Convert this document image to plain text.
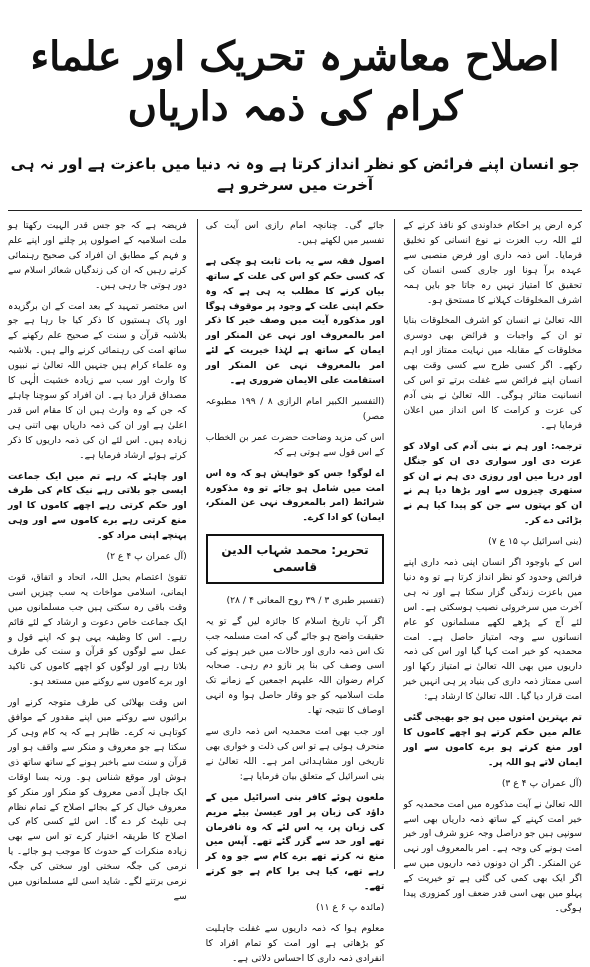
اصلاح معاشرہ تحریک اور علماء کرام کی ذمہ داریاں
جو انسان اپنے فرائض کو نظر انداز کرتا ہے وہ نہ دنیا میں باعزت ہے اور نہ ہی آخرت میں سرخرو ہے

کرہ ارض پر احکام خداوندی کو نافذ کرنے کے لئے اللہ رب العزت نے نوع انسانی کو تخلیق فرمایا۔ اس ذمہ داری اور فرض منصبی سے عہدہ برآ ہونا اور جاری کسی انسان کی تحقیق کا امتیاز نہیں رہ جاتا جو بایں ہمہ اشرف المخلوقات کہلانے کا مستحق ہو۔

اللہ تعالیٰ نے انسان کو اشرف المخلوقات بنایا تو ان کے واجبات و فرائض بھی دوسری مخلوقات کے مقابلہ میں نہایت ممتاز اور اہم رکھے۔ اگر کسی طرح سے کسی وقت بھی انسان اپنے فرائض سے غفلت برتے تو اس کی انسانیت متاثر ہوگی۔ اللہ تعالیٰ نے بنی آدم کی عزت و کرامت کا اس انداز میں اعلان فرمایا ہے۔

ترجمہ: اور ہم نے بنی آدم کی اولاد کو عزت دی اور سواری دی ان کو جنگل اور دریا میں اور روزی دی ہم نے ان کو ستھری چیزوں سے اور بڑھا دیا ہم نے ان کو بہتوں سے جن کو پیدا کیا ہم نے بڑائی دے کر۔

(بنی اسرائیل پ ۱۵ ع ۷)

اس کے باوجود اگر انسان اپنی ذمہ داری اپنے فرائض وحدود کو نظر انداز کرتا ہے تو وہ دنیا میں باعزت زندگی گزار سکتا ہے اور نہ ہی آخرت میں سرخروئی نصیب ہوسکتی ہے۔ اس لئے آج کے پڑھے لکھے مسلمانوں کو عام انسانوں سے وجہ امتیاز حاصل ہے۔ امت محمدیہ کو خیر امت کہا گیا اور اس کی ذمہ داریوں میں بھی اللہ تعالیٰ نے امتیاز رکھا اور اسی ممتاز ذمہ داری کی بنیاد پر ہی انہیں خیر امت قرار دیا گیا۔ اللہ تعالیٰ کا ارشاد ہے:

تم بہترین امتوں میں ہو جو بھیجی گئی عالم میں حکم کرتے ہو اچھے کاموں کا اور منع کرتے ہو برے کاموں سے اور ایمان لاتے ہو اللہ پر۔

(آل عمران پ ۴ ع ۳)

اللہ تعالیٰ نے آیت مذکورہ میں امت محمدیہ کو خیر امت کہنے کے ساتھ ذمہ داریاں بھی اسے سونپی ہیں جو دراصل وجہ عزو شرف اور خیر امت ہونے کی وجہ ہے۔ امر بالمعروف اور نہی عن المنکر۔ اگر ان دونوں ذمہ داریوں میں سے اگر ایک بھی کمی کی گئی ہے تو خیریت کے پہلو میں بھی اسی قدر ضعف اور کمزوری پیدا ہوگی۔

جائے گی۔ چنانچہ امام رازی اس آیت کی تفسیر میں لکھتے ہیں۔

اصول فقہ سے یہ بات ثابت ہو چکی ہے کہ کسی حکم کو اس کی علت کے ساتھ بیان کرنے کا مطلب یہ ہی ہے کہ وہ حکم اپنی علت کے وجود پر موقوف ہوگا اور مذکورہ آیت میں وصف خیر کا ذکر امر بالمعروف اور نہی عن المنکر اور ایمان کے ساتھ ہے لہٰذا خیریت کے لئے امر بالمعروف نہی عن المنکر اور استقامت علی الایمان ضروری ہے۔

(التفسیر الکبیر امام الرازی ۸ / ۱۹۹ مطبوعہ مصر)

اس کی مزید وضاحت حضرت عمر بن الخطاب کے اس قول سے ہوتی ہے کہ

اے لوگو! جس کو خواہش ہو کہ وہ اس امت میں شامل ہو جائے تو وہ مذکورہ شرائط (امر بالمعروف نہی عن المنکر، ایمان) کو ادا کرے۔

تحریر: محمد شہاب الدین قاسمی

(تفسیر طبری ۳ / ۳۹ روح المعانی ۴ / ۲۸)

اگر آپ تاریخ اسلام کا جائزہ لیں گے تو یہ حقیقت واضح ہو جائے گی کہ امت مسلمہ جب تک اس ذمہ داری اور حالات میں خیر ہونے کی اسی وصف کی بنا پر نازو دم رہی۔ صحابہ کرام رضوان اللہ علیہم اجمعین کے زمانے تک ملت اسلامیہ کو جو وقار حاصل ہوا وہ انہی اوصاف کا نتیجہ تھا۔

اور جب بھی امت محمدیہ اس ذمہ داری سے منحرف ہوئی ہے تو اس کی ذلت و خواری بھی تاریخی اور مشاہداتی امر ہے۔ اللہ تعالیٰ نے بنی اسرائیل کے متعلق بیان فرمایا ہے:

ملعون ہوئے کافر بنی اسرائیل میں کے داؤد کی زبان پر اور عیسیٰ بیٹے مریم کی زبان پر، یہ اس لئے کہ وہ نافرمان تھے اور حد سے گزر گئے تھے۔ آپس میں منع نہ کرتے تھے برے کام سے جو وہ کر رہے تھے، کیا ہی برا کام ہے جو کرتے تھے۔

(مائدہ پ ۶ ع ۱۱)

معلوم ہوا کہ ذمہ داریوں سے غفلت جاہلیت کو بڑھاتی ہے اور امت کو تمام افراد کا انفرادی ذمہ داری کا احساس دلاتی ہے۔

فریضہ ہے کہ جو جس قدر الہیت رکھتا ہو ملت اسلامیہ کے اصولوں پر چلنے اور اپنے علم و فہم کے مطابق ان افراد کی صحیح رہنمائی کرتے رہیں کہ ان کی زندگیاں شعائر اسلام سے دور ہوتی جا رہی ہیں۔

اس مختصر تمہید کے بعد امت کے ان برگزیدہ اور پاک ہستیوں کا ذکر کیا جا رہا ہے جو بلاشبہ قرآن و سنت کے صحیح علم رکھنے کے ساتھ امت کی رہنمائی کرنے والے ہیں۔ بلاشبہ وہ علماء کرام ہیں جنہیں اللہ تعالیٰ نے نبیوں کا وارث اور سب سے زیادہ خشیت الٰہی کا مصداق قرار دیا ہے۔ ان افراد کو سوچنا چاہئے کہ جن کے وہ وارث ہیں ان کا مقام اس قدر اعلیٰ ہے اور ان کی ذمہ داریاں بھی اتنی ہی زیادہ ہیں۔ اس لئے ان کی ذمہ داریوں کا ذکر کرتے ہوئے ارشاد فرمایا ہے۔

اور چاہئے کہ رہے تم میں ایک جماعت ایسی جو بلاتی رہے نیک کام کی طرف اور حکم کرتی رہے اچھے کاموں کا اور منع کرتی رہے برے کاموں سے اور وہی پہنچے اپنی مراد کو۔

(آل عمران پ ۴ ع ۲)

تقویٰ اعتصام بحبل اللہ، اتحاد و اتفاق، قوت ایمانی، اسلامی مواخات یہ سب چیزیں اسی وقت باقی رہ سکتی ہیں جب مسلمانوں میں ایک جماعت خاص دعوت و ارشاد کے لئے قائم رہے۔ اس کا وظیفہ یہی ہو کہ اپنے قول و عمل سے لوگوں کو قرآن و سنت کی طرف بلاتا رہے اور لوگوں کو اچھے کاموں کی تاکید اور برے کاموں سے روکنے میں مستعد ہو۔

اس وقت بھلائی کی طرف متوجہ کرنے اور برائیوں سے روکنے میں اپنے مقدور کے موافق کوتاہی نہ کرے۔ ظاہر ہے کہ یہ کام وہی کر سکتا ہے جو معروف و منکر سے واقف ہو اور قرآن و سنت سے باخبر ہونے کے ساتھ ساتھ ذی ہوش اور موقع شناس ہو۔ ورنہ بسا اوقات ایک جاہل آدمی معروف کو منکر اور منکر کو معروف خیال کر کے بجائے اصلاح کے تمام نظام ہی تلپٹ کر دے گا۔ اس لئے کسی کام کی اصلاح کا طریقہ اختیار کرے تو اس سے بھی زیادہ منکرات کے حدوث کا موجب ہو جائے۔ یا نرمی کی جگہ سختی اور سختی کی جگہ نرمی برتنے لگے۔ شاید اسی لئے مسلمانوں میں سے
